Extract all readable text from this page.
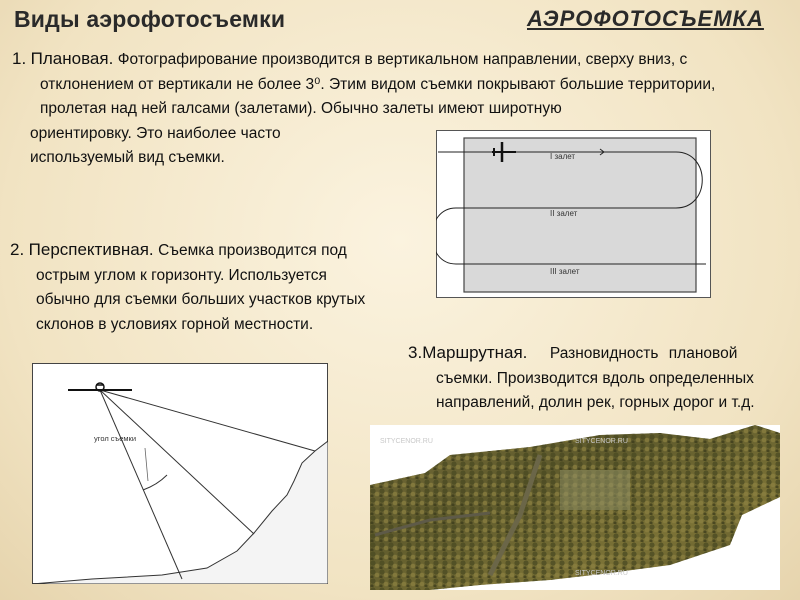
Виды аэрофотосъемки	АЭРОФОТОСЪЕМКА
1. Плановая. Фотографирование производится в вертикальном направлении, сверху вниз, с
отклонением от вертикали не более 3⁰. Этим видом съемки покрывают большие территории,
пролетая над ней галсами (залетами). Обычно залеты имеют широтную
ориентировку. Это наиболее часто
используемый вид съемки.
2. Перспективная. Съемка производится под
острым углом к горизонту. Используется
обычно для съемки больших участков крутых
склонов в условиях горной местности.
3.Маршрутная. Разновидность плановой
съемки. Производится вдоль определенных
направлений, долин рек, горных дорог и т.д.
I залет
II залет
III залет
угол съемки	SITYCENOR.RU	SITYCENOR.RU
SITYCENOR.RU
